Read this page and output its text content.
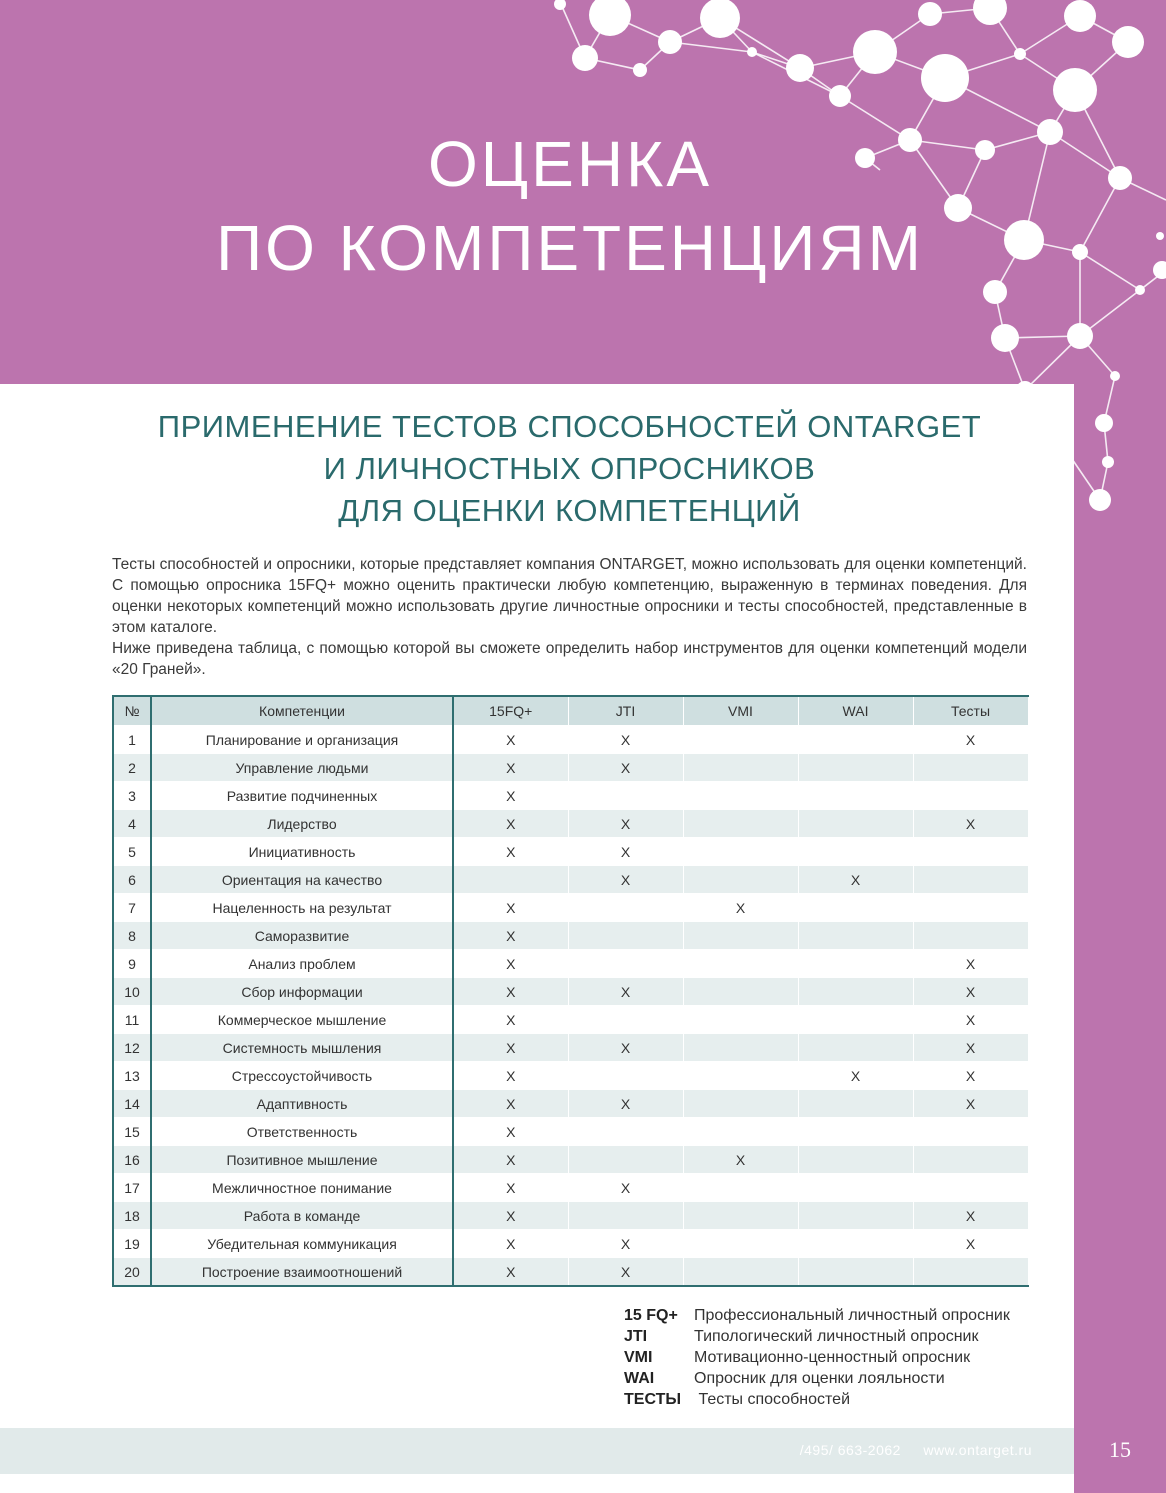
ОЦЕНКА
ПО КОМПЕТЕНЦИЯМ
ПРИМЕНЕНИЕ ТЕСТОВ СПОСОБНОСТЕЙ ONTARGET
И ЛИЧНОСТНЫХ ОПРОСНИКОВ
ДЛЯ ОЦЕНКИ КОМПЕТЕНЦИЙ

Тесты способностей и опросники, которые представляет компания ONTARGET, можно использовать для оценки компетенций. С помощью опросника 15FQ+ можно оценить практически любую компетенцию, выраженную в терминах поведения. Для оценки некоторых компетенций можно использовать другие личностные опросники и тесты способностей, представленные в этом каталоге.

Ниже приведена таблица, с помощью которой вы сможете определить набор инструментов для оценки компетенций модели «20 Граней».

№	Компетенции	15FQ+	JTI	VMI	WAI	Тесты
1	Планирование и организация	X	X			X
2	Управление людьми	X	X			
3	Развитие подчиненных	X				
4	Лидерство	X	X			X
5	Инициативность	X	X			
6	Ориентация на качество		X		X	
7	Нацеленность на результат	X		X		
8	Саморазвитие	X				
9	Анализ проблем	X				X
10	Сбор информации	X	X			X
11	Коммерческое мышление	X				X
12	Системность мышления	X	X			X
13	Стрессоустойчивость	X			X	X
14	Адаптивность	X	X			X
15	Ответственность	X				
16	Позитивное мышление	X		X		
17	Межличностное понимание	X	X			
18	Работа в команде	X				X
19	Убедительная коммуникация	X	X			X
20	Построение взаимоотношений	X	X			
15 FQ+	Профессиональный личностный опросник
JTI	Типологический личностный опросник
VMI	Мотивационно-ценностный опросник
WAI	Опросник для оценки лояльности
ТЕСТЫ Тесты способностей
/495/ 663-2062 www.ontarget.ru	15
